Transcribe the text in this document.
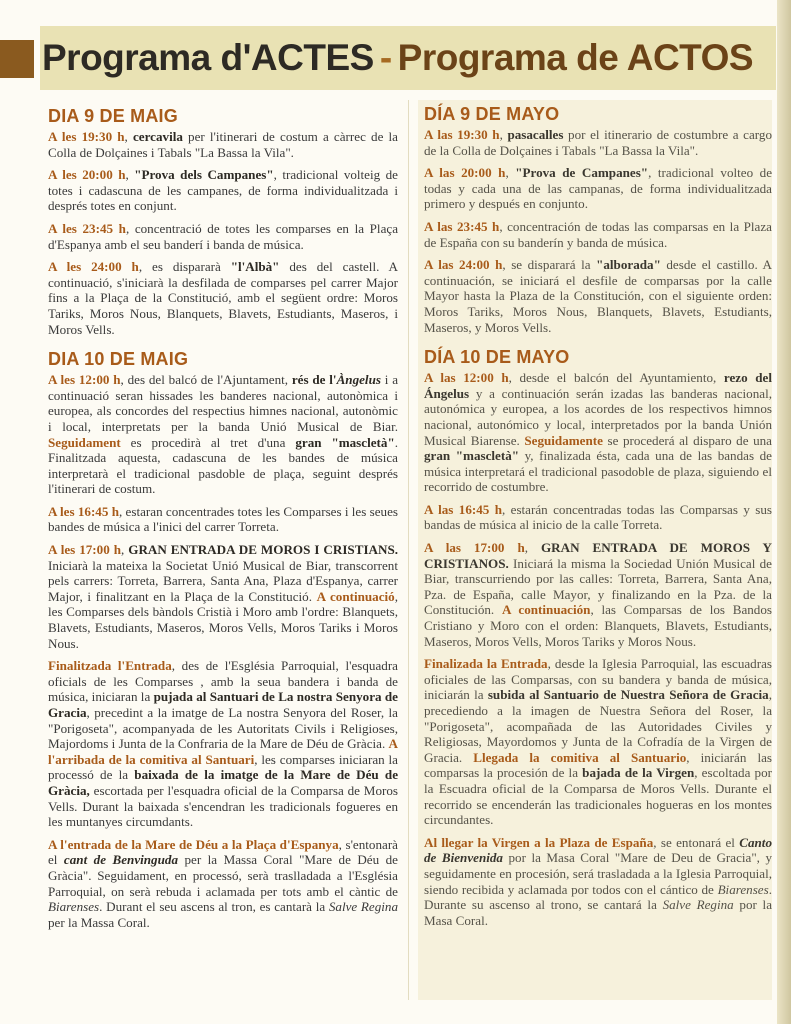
Programa d'ACTES - Programa de ACTOS
DIA 9 DE MAIG

A les 19:30 h, cercavila per l'itinerari de costum a càrrec de la Colla de Dolçaines i Tabals "La Bassa la Vila".

A les 20:00 h, "Prova dels Campanes", tradicional volteig de totes i cadascuna de les campanes, de forma individualitzada i després totes en conjunt.

A les 23:45 h, concentració de totes les comparses en la Plaça d'Espanya amb el seu banderí i banda de música.

A les 24:00 h, es dispararà "l'Albà" des del castell. A continuació, s'iniciarà la desfilada de comparses pel carrer Major fins a la Plaça de la Constitució, amb el següent ordre: Moros Tariks, Moros Nous, Blanquets, Blavets, Estudiants, Maseros, i Moros Vells.

DIA 10 DE MAIG

A les 12:00 h, des del balcó de l'Ajuntament, rés de l'Àngelus i a continuació seran hissades les banderes nacional, autonòmica i europea, als concordes del respectius himnes nacional, autonòmic i local, interpretats per la banda Unió Musical de Biar. Seguidament es procedirà al tret d'una gran "mascletà". Finalitzada aquesta, cadascuna de les bandes de música interpretarà el tradicional pasdoble de plaça, seguint després l'itinerari de costum.

A les 16:45 h, estaran concentrades totes les Comparses i les seues bandes de música a l'inici del carrer Torreta.

A les 17:00 h, GRAN ENTRADA DE MOROS I CRISTIANS. Iniciarà la mateixa la Societat Unió Musical de Biar, transcorrent pels carrers: Torreta, Barrera, Santa Ana, Plaza d'Espanya, carrer Major, i finalitzant en la Plaça de la Constitució. A continuació, les Comparses dels bàndols Cristià i Moro amb l'ordre: Blanquets, Blavets, Estudiants, Maseros, Moros Vells, Moros Tariks i Moros Nous.

Finalitzada l'Entrada, des de l'Església Parroquial, l'esquadra oficials de les Comparses , amb la seua bandera i banda de música, iniciaran la pujada al Santuari de La nostra Senyora de Gracia, precedint a la imatge de La nostra Senyora del Roser, la "Porigoseta", acompanyada de les Autoritats Civils i Religioses, Majordoms i Junta de la Confraria de la Mare de Déu de Gràcia. A l'arribada de la comitiva al Santuari, les comparses iniciaran la processó de la baixada de la imatge de la Mare de Déu de Gràcia, escortada per l'esquadra oficial de la Comparsa de Moros Vells. Durant la baixada s'encendran les tradicionals fogueres en les muntanyes circumdants.

A l'entrada de la Mare de Déu a la Plaça d'Espanya, s'entonarà el cant de Benvinguda per la Massa Coral "Mare de Déu de Gràcia". Seguidament, en processó, serà traslladada a l'Església Parroquial, on serà rebuda i aclamada per tots amb el càntic de Biarenses. Durant el seu ascens al tron, es cantarà la Salve Regina per la Massa Coral.

DÍA 9 DE MAYO

A las 19:30 h, pasacalles por el itinerario de costumbre a cargo de la Colla de Dolçaines i Tabals "La Bassa la Vila".

A las 20:00 h, "Prova de Campanes", tradicional volteo de todas y cada una de las campanas, de forma individualitzada primero y después en conjunto.

A las 23:45 h, concentración de todas las comparsas en la Plaza de España con su banderín y banda de música.

A las 24:00 h, se disparará la "alborada" desde el castillo. A continuación, se iniciará el desfile de comparsas por la calle Mayor hasta la Plaza de la Constitución, con el siguiente orden: Moros Tariks, Moros Nous, Blanquets, Blavets, Estudiants, Maseros, y Moros Vells.

DÍA 10 DE MAYO

A las 12:00 h, desde el balcón del Ayuntamiento, rezo del Ángelus y a continuación serán izadas las banderas nacional, autonómica y europea, a los acordes de los respectivos himnos nacional, autonómico y local, interpretados por la banda Unión Musical Biarense. Seguidamente se procederá al disparo de una gran "mascletà" y, finalizada ésta, cada una de las bandas de música interpretará el tradicional pasodoble de plaza, siguiendo el recorrido de costumbre.

A las 16:45 h, estarán concentradas todas las Comparsas y sus bandas de música al inicio de la calle Torreta.

A las 17:00 h, GRAN ENTRADA DE MOROS Y CRISTIANOS. Iniciará la misma la Sociedad Unión Musical de Biar, transcurriendo por las calles: Torreta, Barrera, Santa Ana, Pza. de España, calle Mayor, y finalizando en la Pza. de la Constitución. A continuación, las Comparsas de los Bandos Cristiano y Moro con el orden: Blanquets, Blavets, Estudiants, Maseros, Moros Vells, Moros Tariks y Moros Nous.

Finalizada la Entrada, desde la Iglesia Parroquial, las escuadras oficiales de las Comparsas, con su bandera y banda de música, iniciarán la subida al Santuario de Nuestra Señora de Gracia, precediendo a la imagen de Nuestra Señora del Roser, la "Porigoseta", acompañada de las Autoridades Civiles y Religiosas, Mayordomos y Junta de la Cofradía de la Virgen de Gracia. Llegada la comitiva al Santuario, iniciarán las comparsas la procesión de la bajada de la Virgen, escoltada por la Escuadra oficial de la Comparsa de Moros Vells. Durante el recorrido se encenderán las tradicionales hogueras en los montes circundantes.

Al llegar la Virgen a la Plaza de España, se entonará el Canto de Bienvenida por la Masa Coral "Mare de Deu de Gracia", y seguidamente en procesión, será trasladada a la Iglesia Parroquial, siendo recibida y aclamada por todos con el cántico de Biarenses. Durante su ascenso al trono, se cantará la Salve Regina por la Masa Coral.
